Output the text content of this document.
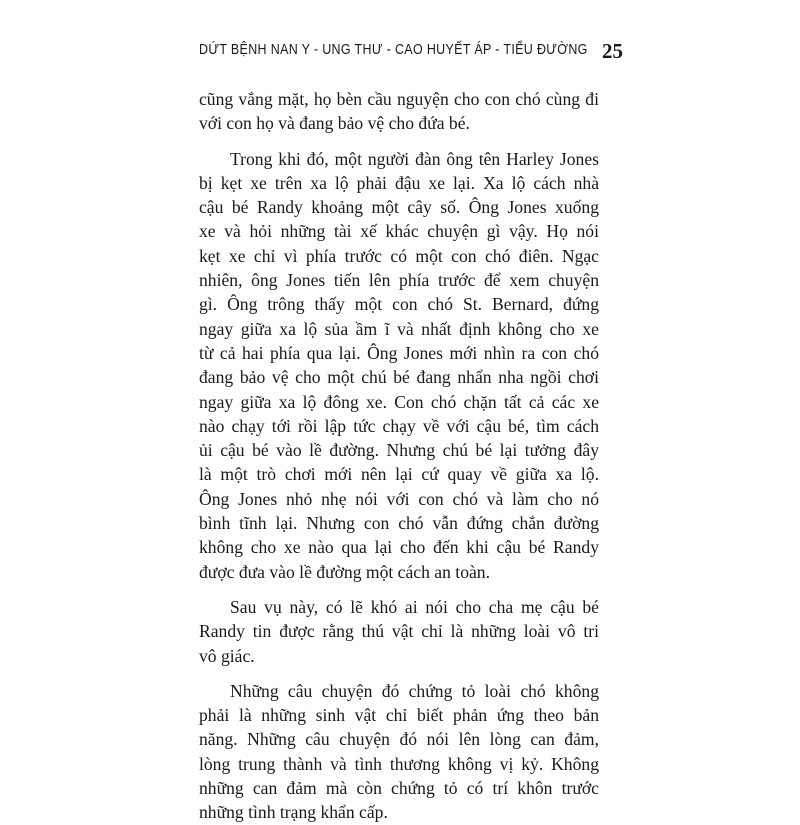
DỨT BỆNH NAN Y - UNG THƯ - CAO HUYẾT ÁP - TIỂU ĐƯỜNG 25

cũng vắng mặt, họ bèn cầu nguyện cho con chó cùng đi
với con họ và đang bảo vệ cho đứa bé.

Trong khi đó, một người đàn ông tên Harley Jones
bị kẹt xe trên xa lộ phải đậu xe lại. Xa lộ cách nhà
cậu bé Randy khoảng một cây số. Ông Jones xuống
xe và hỏi những tài xế khác chuyện gì vậy. Họ nói
kẹt xe chỉ vì phía trước có một con chó điên. Ngạc
nhiên, ông Jones tiến lên phía trước để xem chuyện
gì. Ông trông thấy một con chó St. Bernard, đứng
ngay giữa xa lộ sủa ầm ĩ và nhất định không cho xe
từ cả hai phía qua lại. Ông Jones mới nhìn ra con chó
đang bảo vệ cho một chú bé đang nhẩn nha ngồi chơi
ngay giữa xa lộ đông xe. Con chó chặn tất cả các xe
nào chạy tới rồi lập tức chạy về với cậu bé, tìm cách
ủi cậu bé vào lề đường. Nhưng chú bé lại tưởng đây
là một trò chơi mới nên lại cứ quay về giữa xa lộ.
Ông Jones nhỏ nhẹ nói với con chó và làm cho nó
bình tĩnh lại. Nhưng con chó vẫn đứng chắn đường
không cho xe nào qua lại cho đến khi cậu bé Randy
được đưa vào lề đường một cách an toàn.

Sau vụ này, có lẽ khó ai nói cho cha mẹ cậu bé
Randy tin được rằng thú vật chỉ là những loài vô tri
vô giác.

Những câu chuyện đó chứng tỏ loài chó không
phải là những sinh vật chỉ biết phản ứng theo bản
năng. Những câu chuyện đó nói lên lòng can đảm,
lòng trung thành và tình thương không vị kỷ. Không
những can đảm mà còn chứng tỏ có trí khôn trước
những tình trạng khẩn cấp.
